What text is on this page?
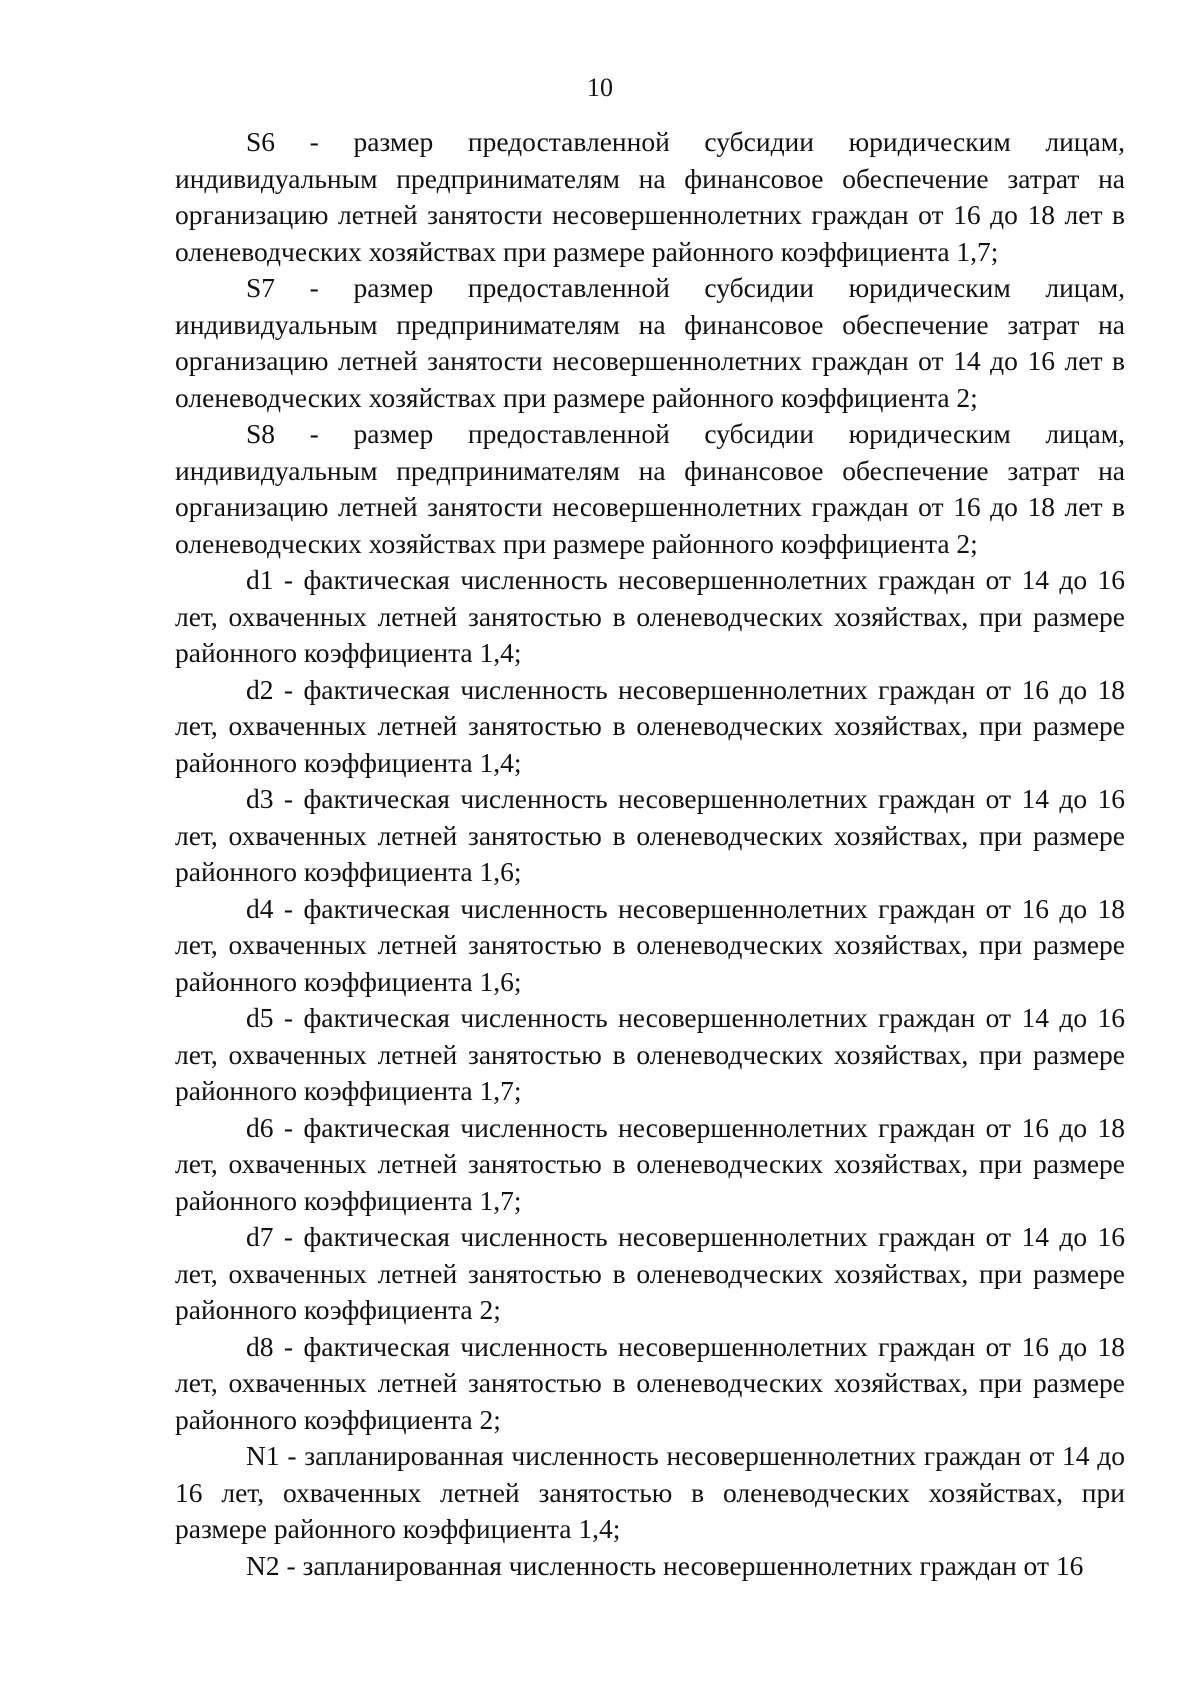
10

S6 - размер предоставленной субсидии юридическим лицам, индивидуальным предпринимателям на финансовое обеспечение затрат на организацию летней занятости несовершеннолетних граждан от 16 до 18 лет в оленеводческих хозяйствах при размере районного коэффициента 1,7;

S7 - размер предоставленной субсидии юридическим лицам, индивидуальным предпринимателям на финансовое обеспечение затрат на организацию летней занятости несовершеннолетних граждан от 14 до 16 лет в оленеводческих хозяйствах при размере районного коэффициента 2;

S8 - размер предоставленной субсидии юридическим лицам, индивидуальным предпринимателям на финансовое обеспечение затрат на организацию летней занятости несовершеннолетних граждан от 16 до 18 лет в оленеводческих хозяйствах при размере районного коэффициента 2;

d1 - фактическая численность несовершеннолетних граждан от 14 до 16 лет, охваченных летней занятостью в оленеводческих хозяйствах, при размере районного коэффициента 1,4;

d2 - фактическая численность несовершеннолетних граждан от 16 до 18 лет, охваченных летней занятостью в оленеводческих хозяйствах, при размере районного коэффициента 1,4;

d3 - фактическая численность несовершеннолетних граждан от 14 до 16 лет, охваченных летней занятостью в оленеводческих хозяйствах, при размере районного коэффициента 1,6;

d4 - фактическая численность несовершеннолетних граждан от 16 до 18 лет, охваченных летней занятостью в оленеводческих хозяйствах, при размере районного коэффициента 1,6;

d5 - фактическая численность несовершеннолетних граждан от 14 до 16 лет, охваченных летней занятостью в оленеводческих хозяйствах, при размере районного коэффициента 1,7;

d6 - фактическая численность несовершеннолетних граждан от 16 до 18 лет, охваченных летней занятостью в оленеводческих хозяйствах, при размере районного коэффициента 1,7;

d7 - фактическая численность несовершеннолетних граждан от 14 до 16 лет, охваченных летней занятостью в оленеводческих хозяйствах, при размере районного коэффициента 2;

d8 - фактическая численность несовершеннолетних граждан от 16 до 18 лет, охваченных летней занятостью в оленеводческих хозяйствах, при размере районного коэффициента 2;

N1 - запланированная численность несовершеннолетних граждан от 14 до 16 лет, охваченных летней занятостью в оленеводческих хозяйствах, при размере районного коэффициента 1,4;

N2 - запланированная численность несовершеннолетних граждан от 16
